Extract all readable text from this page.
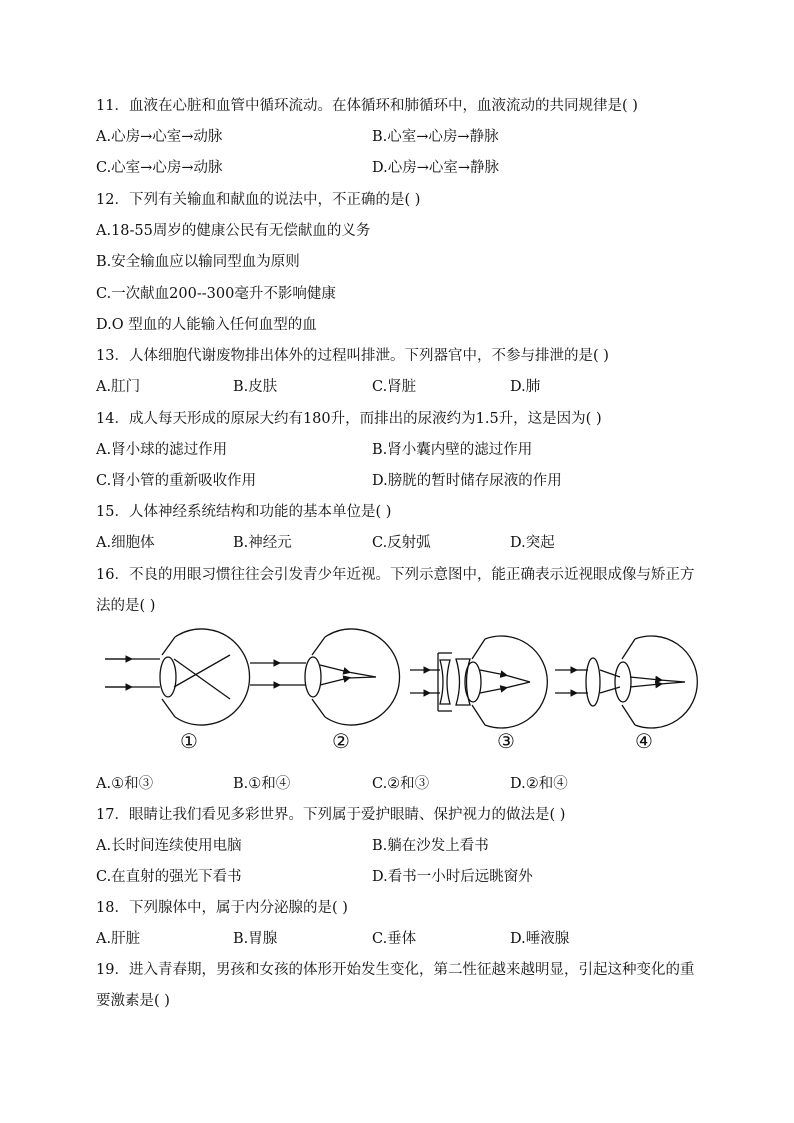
11．血液在心脏和血管中循环流动。在体循环和肺循环中，血液流动的共同规律是( )
A.心房→心室→动脉	B.心室→心房→静脉
C.心室→心房→动脉	D.心房→心室→静脉
12．下列有关输血和献血的说法中，不正确的是( )
A.18-55周岁的健康公民有无偿献血的义务
B.安全输血应以输同型血为原则
C.一次献血200--300毫升不影响健康
D.O 型血的人能输入任何血型的血
13．人体细胞代谢废物排出体外的过程叫排泄。下列器官中，不参与排泄的是( )
A.肛门	B.皮肤	C.肾脏	D.肺
14．成人每天形成的原尿大约有180升，而排出的尿液约为1.5升，这是因为( )
A.肾小球的滤过作用	B.肾小囊内壁的滤过作用
C.肾小管的重新吸收作用	D.膀胱的暂时储存尿液的作用
15．人体神经系统结构和功能的基本单位是( )
A.细胞体	B.神经元	C.反射弧	D.突起
16．不良的用眼习惯往往会引发青少年近视。下列示意图中，能正确表示近视眼成像与矫正方法的是( )
①	②	③	④
A.①和③	B.①和④	C.②和③	D.②和④
17．眼睛让我们看见多彩世界。下列属于爱护眼睛、保护视力的做法是( )
A.长时间连续使用电脑	B.躺在沙发上看书
C.在直射的强光下看书	D.看书一小时后远眺窗外
18．下列腺体中，属于内分泌腺的是( )
A.肝脏	B.胃腺	C.垂体	D.唾液腺
19．进入青春期，男孩和女孩的体形开始发生变化，第二性征越来越明显，引起这种变化的重要激素是( )
